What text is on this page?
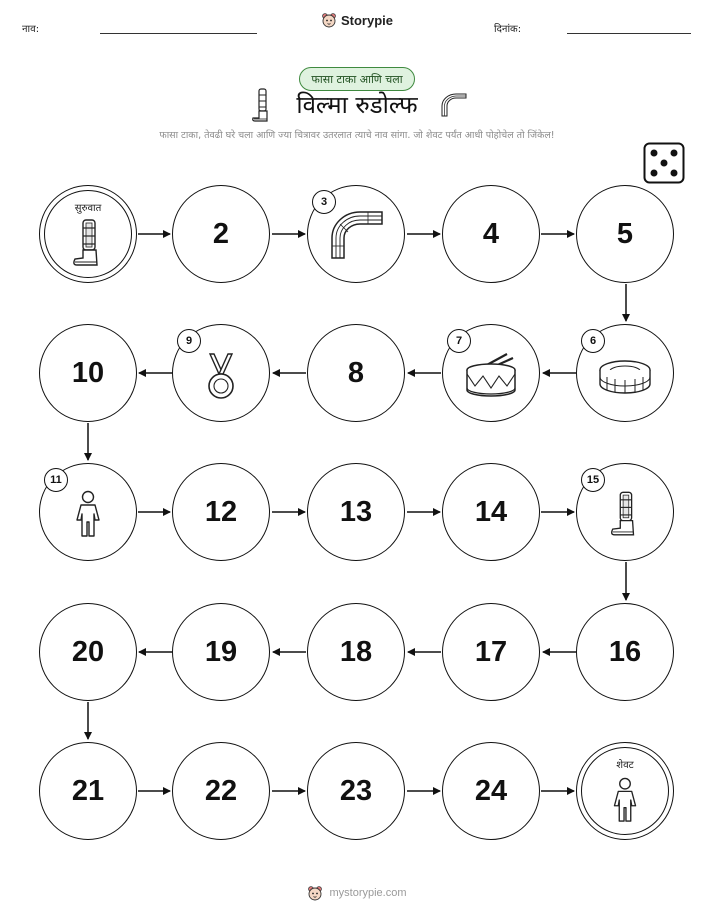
नाव:
Storypie
दिनांक:
फासा टाका आणि चला
विल्मा रुडोल्फ
फासा टाका, तेवढी घरे चला आणि ज्या चित्रावर उतरलात त्याचे नाव सांगा. जो शेवट पर्यंत आधी पोहोचेल तो जिंकेल!
सुरुवात
2
3
4	5
10
9
8
7	6
11
12	13	14
15
20	19	18	17	16
21	22	23	24
शेवट
mystorypie.com
